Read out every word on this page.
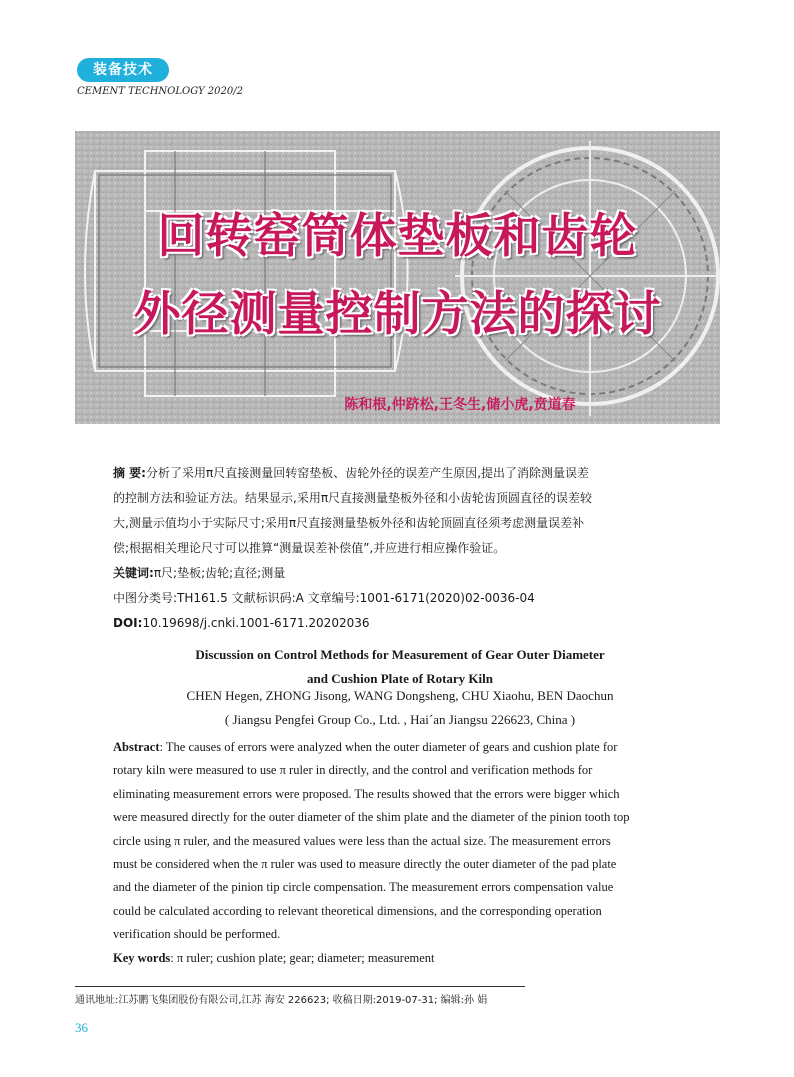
装备技术
CEMENT TECHNOLOGY 2020/2
回转窑筒体垫板和齿轮
外径测量控制方法的探讨
陈和根,仲跻松,王冬生,储小虎,贲道春
摘 要:分析了采用π尺直接测量回转窑垫板、齿轮外径的误差产生原因,提出了消除测量误差
的控制方法和验证方法。结果显示,采用π尺直接测量垫板外径和小齿轮齿顶圆直径的误差较
大,测量示值均小于实际尺寸;采用π尺直接测量垫板外径和齿轮顶圆直径须考虑测量误差补
偿;根据相关理论尺寸可以推算“测量误差补偿值”,并应进行相应操作验证。
关键词:π尺;垫板;齿轮;直径;测量
中图分类号:TH161.5 文献标识码:A 文章编号:1001-6171(2020)02-0036-04
DOI:10.19698/j.cnki.1001-6171.20202036
Discussion on Control Methods for Measurement of Gear Outer Diameter
and Cushion Plate of Rotary Kiln
CHEN Hegen, ZHONG Jisong, WANG Dongsheng, CHU Xiaohu, BEN Daochun
( Jiangsu Pengfei Group Co., Ltd. , Hai´an Jiangsu 226623, China )
Abstract: The causes of errors were analyzed when the outer diameter of gears and cushion plate for
rotary kiln were measured to use π ruler in directly, and the control and verification methods for
eliminating measurement errors were proposed. The results showed that the errors were bigger which
were measured directly for the outer diameter of the shim plate and the diameter of the pinion tooth top
circle using π ruler, and the measured values were less than the actual size. The measurement errors
must be considered when the π ruler was used to measure directly the outer diameter of the pad plate
and the diameter of the pinion tip circle compensation. The measurement errors compensation value
could be calculated according to relevant theoretical dimensions, and the corresponding operation
verification should be performed.
Key words: π ruler; cushion plate; gear; diameter; measurement
通讯地址:江苏鹏飞集团股份有限公司,江苏 海安 226623; 收稿日期:2019-07-31; 编辑:孙 娟
36
